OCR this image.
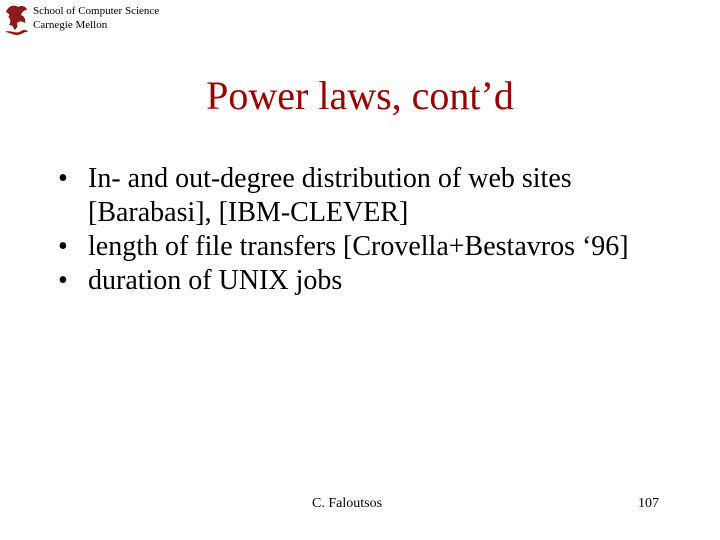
School of Computer Science
Carnegie Mellon
Power laws, cont’d
• In- and out-degree distribution of web sites [Barabasi], [IBM-CLEVER]
• length of file transfers [Crovella+Bestavros ‘96]
• duration of UNIX jobs
C. Faloutsos	107
